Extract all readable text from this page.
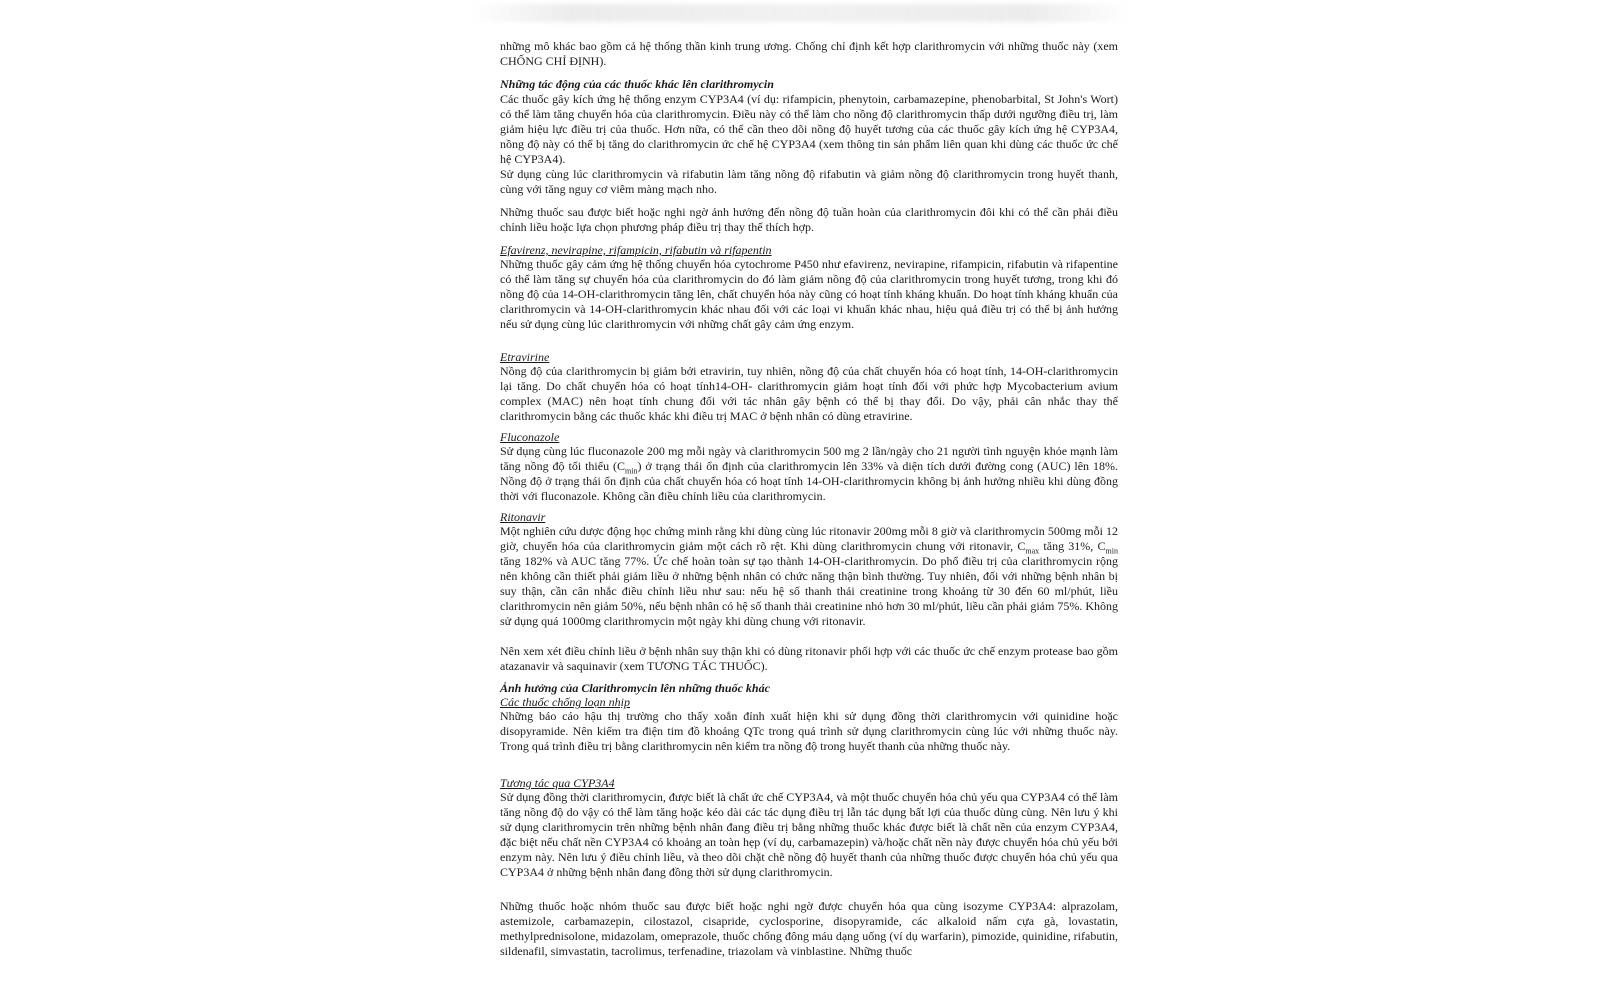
những mô khác bao gồm cả hệ thống thần kinh trung ương. Chống chỉ định kết hợp clarithromycin với những thuốc này (xem CHỐNG CHỈ ĐỊNH).

Những tác động của các thuốc khác lên clarithromycin

Các thuốc gây kích ứng hệ thống enzym CYP3A4 (ví dụ: rifampicin, phenytoin, carbamazepine, phenobarbital, St John's Wort) có thể làm tăng chuyển hóa của clarithromycin. Điều này có thể làm cho nồng độ clarithromycin thấp dưới ngưỡng điều trị, làm giảm hiệu lực điều trị của thuốc. Hơn nữa, có thể cần theo dõi nồng độ huyết tương của các thuốc gây kích ứng hệ CYP3A4, nồng độ này có thể bị tăng do clarithromycin ức chế hệ CYP3A4 (xem thông tin sản phẩm liên quan khi dùng các thuốc ức chế hệ CYP3A4).

Sử dụng cùng lúc clarithromycin và rifabutin làm tăng nồng độ rifabutin và giảm nồng độ clarithromycin trong huyết thanh, cùng với tăng nguy cơ viêm màng mạch nho.

Những thuốc sau được biết hoặc nghi ngờ ảnh hưởng đến nồng độ tuần hoàn của clarithromycin đôi khi có thể cần phải điều chỉnh liều hoặc lựa chọn phương pháp điều trị thay thế thích hợp.

Efavirenz, nevirapine, rifampicin, rifabutin và rifapentin

Những thuốc gây cảm ứng hệ thống chuyển hóa cytochrome P450 như efavirenz, nevirapine, rifampicin, rifabutin và rifapentine có thể làm tăng sự chuyển hóa của clarithromycin do đó làm giảm nồng độ của clarithromycin trong huyết tương, trong khi đó nồng độ của 14-OH-clarithromycin tăng lên, chất chuyển hóa này cũng có hoạt tính kháng khuẩn. Do hoạt tính kháng khuẩn của clarithromycin và 14-OH-clarithromycin khác nhau đối với các loại vi khuẩn khác nhau, hiệu quả điều trị có thể bị ảnh hưởng nếu sử dụng cùng lúc clarithromycin với những chất gây cảm ứng enzym.

Etravirine

Nồng độ của clarithromycin bị giảm bởi etravirin, tuy nhiên, nồng độ của chất chuyển hóa có hoạt tính, 14-OH-clarithromycin lại tăng. Do chất chuyển hóa có hoạt tính14-OH- clarithromycin giảm hoạt tính đối với phức hợp Mycobacterium avium complex (MAC) nên hoạt tính chung đối với tác nhân gây bệnh có thể bị thay đổi. Do vậy, phải cân nhắc thay thế clarithromycin bằng các thuốc khác khi điều trị MAC ở bệnh nhân có dùng etravirine.

Fluconazole

Sử dụng cùng lúc fluconazole 200 mg mỗi ngày và clarithromycin 500 mg 2 lần/ngày cho 21 người tình nguyện khỏe mạnh làm tăng nồng độ tối thiểu $(C_{min})$ ở trạng thái ổn định của clarithromycin lên 33% và diện tích dưới đường cong (AUC) lên 18%. Nồng độ ở trạng thái ổn định của chất chuyển hóa có hoạt tính 14-OH-clarithromycin không bị ảnh hưởng nhiều khi dùng đồng thời với fluconazole. Không cần điều chỉnh liều của clarithromycin.

Ritonavir

Một nghiên cứu dược động học chứng minh rằng khi dùng cùng lúc ritonavir 200mg mỗi 8 giờ và clarithromycin 500mg mỗi 12 giờ, chuyển hóa của clarithromycin giảm một cách rõ rệt. Khi dùng clarithromycin chung với ritonavir, $C_{max}$ tăng 31%, $C_{min}$ tăng 182% và AUC tăng 77%. Ức chế hoàn toàn sự tạo thành 14-OH-clarithromycin. Do phổ điều trị của clarithromycin rộng nên không cần thiết phải giảm liều ở những bệnh nhân có chức năng thận bình thường. Tuy nhiên, đối với những bệnh nhân bị suy thận, cần cân nhắc điều chỉnh liều như sau: nếu hệ số thanh thải creatinine trong khoảng từ 30 đến 60 ml/phút, liều clarithromycin nên giảm 50%, nếu bệnh nhân có hệ số thanh thải creatinine nhỏ hơn 30 ml/phút, liều cần phải giảm 75%. Không sử dụng quá 1000mg clarithromycin một ngày khi dùng chung với ritonavir.

Nên xem xét điều chỉnh liều ở bệnh nhân suy thận khi có dùng ritonavir phối hợp với các thuốc ức chế enzym protease bao gồm atazanavir và saquinavir (xem TƯƠNG TÁC THUỐC).

Ảnh hưởng của Clarithromycin lên những thuốc khác

Các thuốc chống loạn nhịp

Những báo cáo hậu thị trường cho thấy xoắn đỉnh xuất hiện khi sử dụng đồng thời clarithromycin với quinidine hoặc disopyramide. Nên kiểm tra điện tim đồ khoảng QTc trong quá trình sử dụng clarithromycin cùng lúc với những thuốc này. Trong quá trình điều trị bằng clarithromycin nên kiểm tra nồng độ trong huyết thanh của những thuốc này.

Tương tác qua CYP3A4

Sử dụng đồng thời clarithromycin, được biết là chất ức chế CYP3A4, và một thuốc chuyển hóa chủ yếu qua CYP3A4 có thể làm tăng nồng độ do vậy có thể làm tăng hoặc kéo dài các tác dụng điều trị lẫn tác dụng bất lợi của thuốc dùng cùng. Nên lưu ý khi sử dụng clarithromycin trên những bệnh nhân đang điều trị bằng những thuốc khác được biết là chất nền của enzym CYP3A4, đặc biệt nếu chất nền CYP3A4 có khoảng an toàn hẹp (ví dụ, carbamazepin) và/hoặc chất nền này được chuyển hóa chủ yếu bởi enzym này. Nên lưu ý điều chỉnh liều, và theo dõi chặt chẽ nồng độ huyết thanh của những thuốc được chuyển hóa chủ yếu qua CYP3A4 ở những bệnh nhân đang đồng thời sử dụng clarithromycin.

Những thuốc hoặc nhóm thuốc sau được biết hoặc nghi ngờ được chuyển hóa qua cùng isozyme CYP3A4: alprazolam, astemizole, carbamazepin, cilostazol, cisapride, cyclosporine, disopyramide, các alkaloid nấm cựa gà, lovastatin, methylprednisolone, midazolam, omeprazole, thuốc chống đông máu dạng uống (ví dụ warfarin), pimozide, quinidine, rifabutin, sildenafil, simvastatin, tacrolimus, terfenadine, triazolam và vinblastine. Những thuốc
